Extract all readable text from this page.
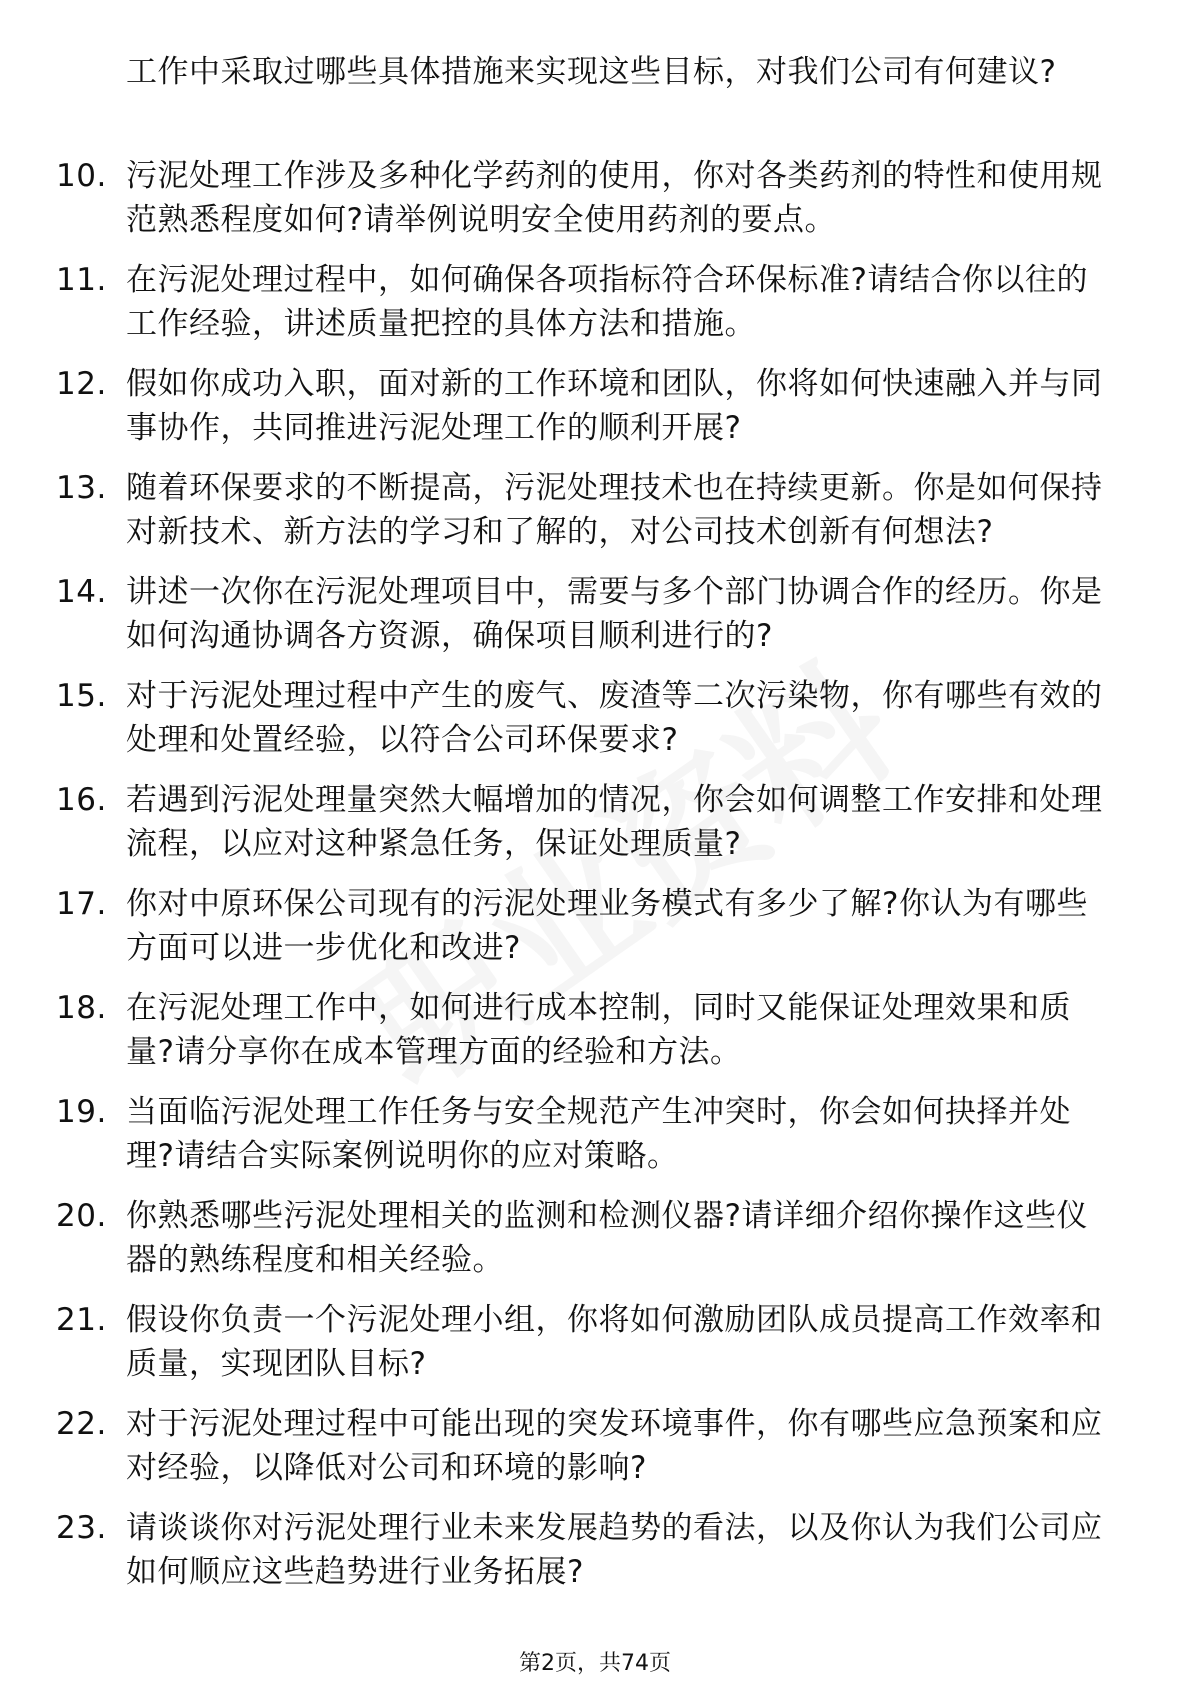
工作中采取过哪些具体措施来实现这些目标，对我们公司有何建议?
10. 污泥处理工作涉及多种化学药剂的使用，你对各类药剂的特性和使用规范熟悉程度如何?请举例说明安全使用药剂的要点。
11. 在污泥处理过程中，如何确保各项指标符合环保标准?请结合你以往的工作经验，讲述质量把控的具体方法和措施。
12. 假如你成功入职，面对新的工作环境和团队，你将如何快速融入并与同事协作，共同推进污泥处理工作的顺利开展?
13. 随着环保要求的不断提高，污泥处理技术也在持续更新。你是如何保持对新技术、新方法的学习和了解的，对公司技术创新有何想法?
14. 讲述一次你在污泥处理项目中，需要与多个部门协调合作的经历。你是如何沟通协调各方资源，确保项目顺利进行的?
15. 对于污泥处理过程中产生的废气、废渣等二次污染物，你有哪些有效的处理和处置经验，以符合公司环保要求?
16. 若遇到污泥处理量突然大幅增加的情况，你会如何调整工作安排和处理流程，以应对这种紧急任务，保证处理质量?
17. 你对中原环保公司现有的污泥处理业务模式有多少了解?你认为有哪些方面可以进一步优化和改进?
18. 在污泥处理工作中，如何进行成本控制，同时又能保证处理效果和质量?请分享你在成本管理方面的经验和方法。
19. 当面临污泥处理工作任务与安全规范产生冲突时，你会如何抉择并处理?请结合实际案例说明你的应对策略。
20. 你熟悉哪些污泥处理相关的监测和检测仪器?请详细介绍你操作这些仪器的熟练程度和相关经验。
21. 假设你负责一个污泥处理小组，你将如何激励团队成员提高工作效率和质量，实现团队目标?
22. 对于污泥处理过程中可能出现的突发环境事件，你有哪些应急预案和应对经验，以降低对公司和环境的影响?
23. 请谈谈你对污泥处理行业未来发展趋势的看法，以及你认为我们公司应如何顺应这些趋势进行业务拓展?
第2页，共74页
